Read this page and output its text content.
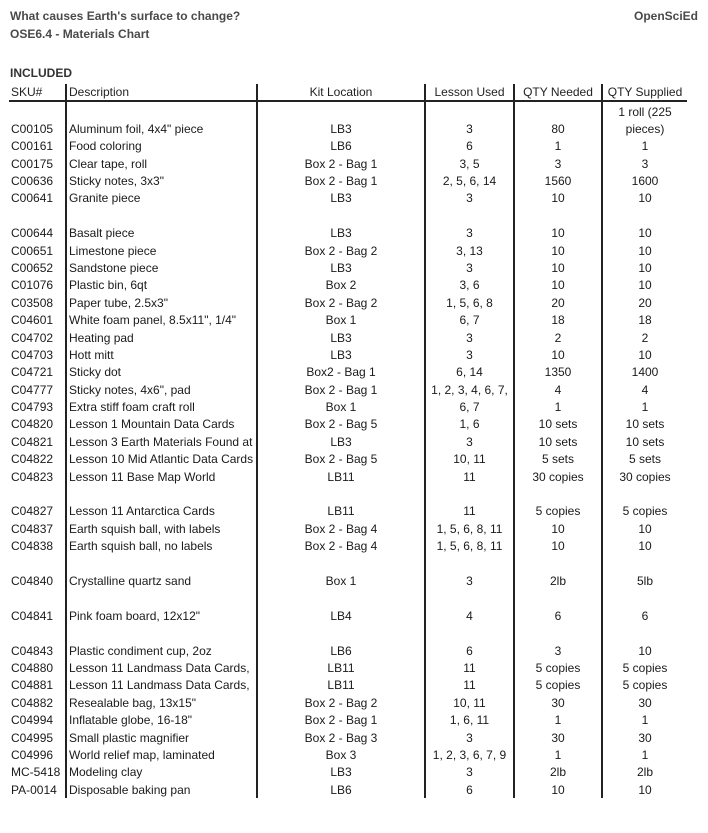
What causes Earth's surface to change?
OSE6.4 - Materials Chart
OpenSciEd
INCLUDED
SKU#	Description	Kit Location	Lesson Used	QTY Needed	QTY Supplied
C00105	Aluminum foil, 4x4" piece	LB3	3	80	1 roll (225 pieces)

C00161	Food coloring	LB6	6	1	1
C00175	Clear tape, roll	Box 2 - Bag 1	3, 5	3	3
C00636	Sticky notes, 3x3"	Box 2 - Bag 1	2, 5, 6, 14	1560	1600
C00641	Granite piece	LB3	3	10	10
C00644	Basalt piece	LB3	3	10	10
C00651	Limestone piece	Box 2 - Bag 2	3, 13	10	10
C00652	Sandstone piece	LB3	3	10	10
C01076	Plastic bin, 6qt	Box 2	3, 6	10	10
C03508	Paper tube, 2.5x3"	Box 2 - Bag 2	1, 5, 6, 8	20	20
C04601	White foam panel, 8.5x11", 1/4"	Box 1	6, 7	18	18
C04702	Heating pad	LB3	3	2	2
C04703	Hott mitt	LB3	3	10	10
C04721	Sticky dot	Box2 - Bag 1	6, 14	1350	1400
C04777	Sticky notes, 4x6", pad	Box 2 - Bag 1	1, 2, 3, 4, 6, 7,	4	4
C04793	Extra stiff foam craft roll	Box 1	6, 7	1	1
C04820	Lesson 1 Mountain Data Cards	Box 2 - Bag 5	1, 6	10 sets	10 sets
C04821	Lesson 3 Earth Materials Found at	LB3	3	10 sets	10 sets
C04822	Lesson 10 Mid Atlantic Data Cards	Box 2 - Bag 5	10, 11	5 sets	5 sets
C04823	Lesson 11 Base Map World	LB11	11	30 copies	30 copies
C04827	Lesson 11 Antarctica Cards	LB11	11	5 copies	5 copies
C04837	Earth squish ball, with labels	Box 2 - Bag 4	1, 5, 6, 8, 11	10	10
C04838	Earth squish ball, no labels	Box 2 - Bag 4	1, 5, 6, 8, 11	10	10
C04840	Crystalline quartz sand	Box 1	3	2lb	5lb
C04841	Pink foam board, 12x12"	LB4	4	6	6
C04843	Plastic condiment cup, 2oz	LB6	6	3	10
C04880	Lesson 11 Landmass Data Cards,	LB11	11	5 copies	5 copies
C04881	Lesson 11 Landmass Data Cards,	LB11	11	5 copies	5 copies
C04882	Resealable bag, 13x15"	Box 2 - Bag 2	10, 11	30	30
C04994	Inflatable globe, 16-18"	Box 2 - Bag 1	1, 6, 11	1	1
C04995	Small plastic magnifier	Box 2 - Bag 3	3	30	30
C04996	World relief map, laminated	Box 3	1, 2, 3, 6, 7, 9	1	1
MC-5418	Modeling clay	LB3	3	2lb	2lb
PA-0014	Disposable baking pan	LB6	6	10	10
